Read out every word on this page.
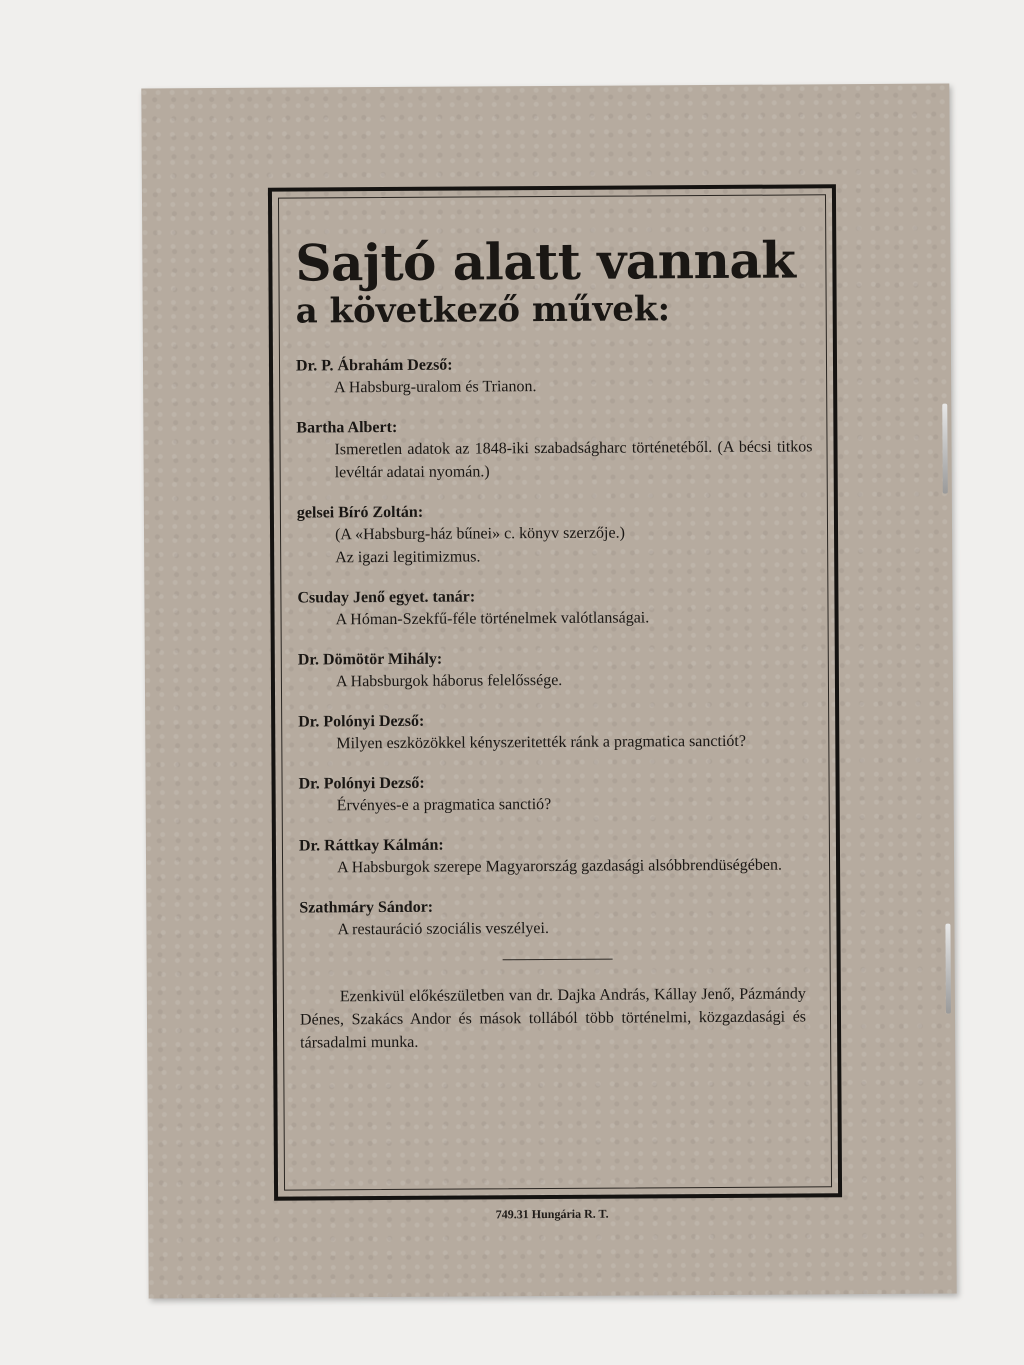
Sajtó alatt vannak
a következő művek:
Dr. P. Ábrahám Dezső:
A Habsburg-uralom és Trianon.
Bartha Albert:
Ismeretlen adatok az 1848-iki szabadságharc történetéből. (A bécsi titkos levéltár adatai nyomán.)
gelsei Bíró Zoltán:
(A «Habsburg-ház bűnei» c. könyv szerzője.)
Az igazi legitimizmus.
Csuday Jenő egyet. tanár:
A Hóman-Szekfű-féle történelmek valótlanságai.
Dr. Dömötör Mihály:
A Habsburgok háborus felelőssége.
Dr. Polónyi Dezső:
Milyen eszközökkel kényszeritették ránk a pragmatica sanctiót?
Dr. Polónyi Dezső:
Érvényes-e a pragmatica sanctió?
Dr. Ráttkay Kálmán:
A Habsburgok szerepe Magyarország gazdasági alsóbbrendüségében.
Szathmáry Sándor:
A restauráció szociális veszélyei.
Ezenkivül előkészületben van dr. Dajka András, Kállay Jenő, Pázmándy Dénes, Szakács Andor és mások tollából több történelmi, közgazdasági és társadalmi munka.
749.31 Hungária R. T.
